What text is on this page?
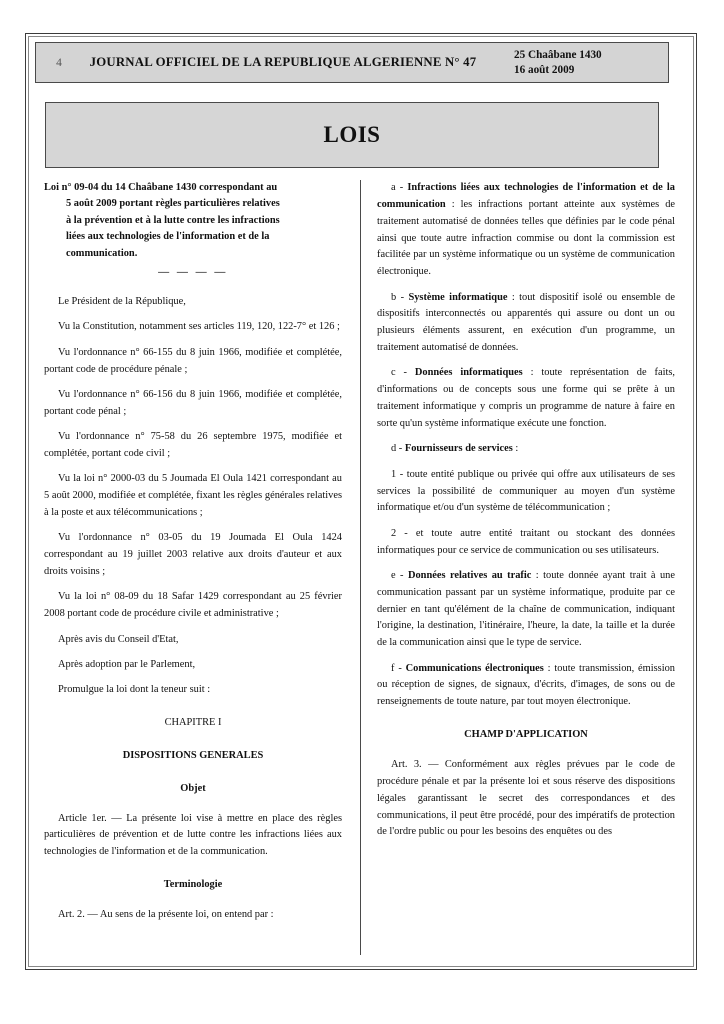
4	JOURNAL OFFICIEL DE LA REPUBLIQUE ALGERIENNE N° 47
25 Chaâbane 1430
16 août 2009
LOIS

Loi n° 09-04 du 14 Chaâbane 1430 correspondant au
5 août 2009 portant règles particulières relatives
à la prévention et à la lutte contre les infractions
liées aux technologies de l'information et de la
communication.

— — — —

Le Président de la République,

Vu la Constitution, notamment ses articles 119, 120, 122-7° et 126 ;

Vu l'ordonnance n° 66-155 du 8 juin 1966, modifiée et complétée, portant code de procédure pénale ;

Vu l'ordonnance n° 66-156 du 8 juin 1966, modifiée et complétée, portant code pénal ;

Vu l'ordonnance n° 75-58 du 26 septembre 1975, modifiée et complétée, portant code civil ;

Vu la loi n° 2000-03 du 5 Joumada El Oula 1421 correspondant au 5 août 2000, modifiée et complétée, fixant les règles générales relatives à la poste et aux télécommunications ;

Vu l'ordonnance n° 03-05 du 19 Joumada El Oula 1424 correspondant au 19 juillet 2003 relative aux droits d'auteur et aux droits voisins ;

Vu la loi n° 08-09 du 18 Safar 1429 correspondant au 25 février 2008 portant code de procédure civile et administrative ;

Après avis du Conseil d'Etat,

Après adoption par le Parlement,

Promulgue la loi dont la teneur suit :

CHAPITRE I

DISPOSITIONS GENERALES

Objet

Article 1er. — La présente loi vise à mettre en place des règles particulières de prévention et de lutte contre les infractions liées aux technologies de l'information et de la communication.

Terminologie

Art. 2. — Au sens de la présente loi, on entend par :

a - Infractions liées aux technologies de l'information et de la communication : les infractions portant atteinte aux systèmes de traitement automatisé de données telles que définies par le code pénal ainsi que toute autre infraction commise ou dont la commission est facilitée par un système informatique ou un système de communication électronique.

b - Système informatique : tout dispositif isolé ou ensemble de dispositifs interconnectés ou apparentés qui assure ou dont un ou plusieurs éléments assurent, en exécution d'un programme, un traitement automatisé de données.

c - Données informatiques : toute représentation de faits, d'informations ou de concepts sous une forme qui se prête à un traitement informatique y compris un programme de nature à faire en sorte qu'un système informatique exécute une fonction.

d - Fournisseurs de services :

1 - toute entité publique ou privée qui offre aux utilisateurs de ses services la possibilité de communiquer au moyen d'un système informatique et/ou d'un système de télécommunication ;

2 - et toute autre entité traitant ou stockant des données informatiques pour ce service de communication ou ses utilisateurs.

e - Données relatives au trafic : toute donnée ayant trait à une communication passant par un système informatique, produite par ce dernier en tant qu'élément de la chaîne de communication, indiquant l'origine, la destination, l'itinéraire, l'heure, la date, la taille et la durée de la communication ainsi que le type de service.

f - Communications électroniques : toute transmission, émission ou réception de signes, de signaux, d'écrits, d'images, de sons ou de renseignements de toute nature, par tout moyen électronique.

CHAMP D'APPLICATION

Art. 3. — Conformément aux règles prévues par le code de procédure pénale et par la présente loi et sous réserve des dispositions légales garantissant le secret des correspondances et des communications, il peut être procédé, pour des impératifs de protection de l'ordre public ou pour les besoins des enquêtes ou des
